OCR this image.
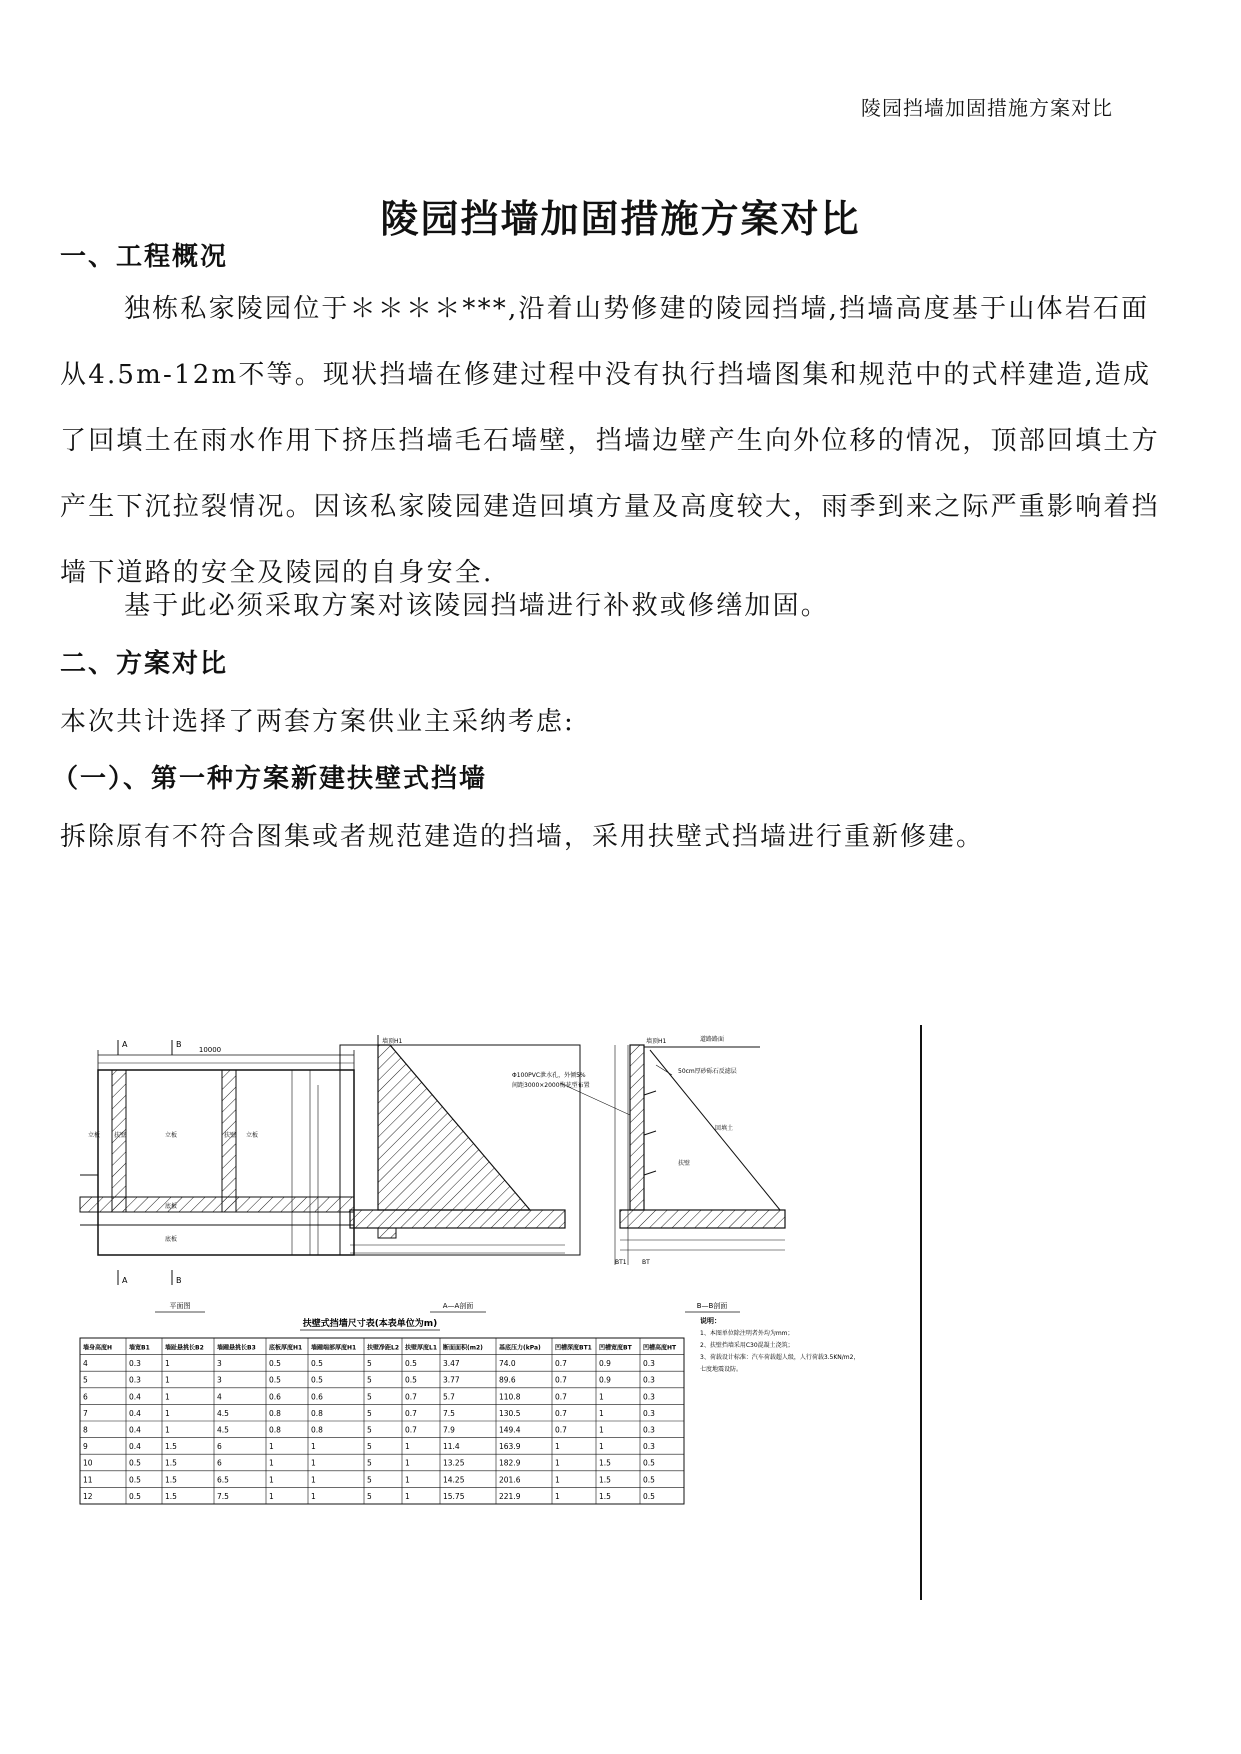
陵园挡墙加固措施方案对比
陵园挡墙加固措施方案对比
一、工程概况
独栋私家陵园位于＊＊＊＊***,沿着山势修建的陵园挡墙,挡墙高度基于山体岩石面从4.5m-12m不等。现状挡墙在修建过程中没有执行挡墙图集和规范中的式样建造,造成了回填土在雨水作用下挤压挡墙毛石墙壁，挡墙边壁产生向外位移的情况，顶部回填土方产生下沉拉裂情况。因该私家陵园建造回填方量及高度较大，雨季到来之际严重影响着挡墙下道路的安全及陵园的自身安全.
基于此必须采取方案对该陵园挡墙进行补救或修缮加固。
二、方案对比
本次共计选择了两套方案供业主采纳考虑:
（一）、第一种方案新建扶壁式挡墙
拆除原有不符合图集或者规范建造的挡墙，采用扶壁式挡墙进行重新修建。
A	B
A	B
10000
立板	立板
扶壁	扶壁 立板
底板
底板
平面图
墙顶H1
A—A剖面
墙顶H1	道路路面
Φ100PVC泄水孔，外倾5%
间距3000×2000梅花型布置
50cm厚砂砾石反滤层
回填土
扶壁
BT1	BT
B—B剖面
说明：
1、本图单位除注明者外均为mm；
2、扶壁挡墙采用C30混凝土浇筑；
3、荷载设计标准：汽车荷载超人级，人行荷载3.5KN/m2，
七度地震设防。
扶壁式挡墙尺寸表(本表单位为m)
墙身高度H	墙宽B1	墙趾悬挑长B2 墙踵悬挑长B3 底板厚度H1 墙踵端部厚度H1 扶壁净距L2 扶壁厚度L1 断面面积(m2)	基底压力(kPa) 凹槽深度BT1 凹槽宽度BT 凹槽高度HT
4	0.3	1	3	0.5	0.5	5	0.5	3.47	74.0	0.7	0.9	0.3
5	0.3	1	3	0.5	0.5	5	0.5	3.77	89.6	0.7	0.9	0.3
6	0.4	1	4	0.6	0.6	5	0.7	5.7	110.8	0.7	1	0.3
7	0.4	1	4.5	0.8	0.8	5	0.7	7.5	130.5	0.7	1	0.3
8	0.4	1	4.5	0.8	0.8	5	0.7	7.9	149.4	0.7	1	0.3
9	0.4	1.5	6	1	1	5	1	11.4	163.9	1	1	0.3
10	0.5	1.5	6	1	1	5	1	13.25	182.9	1	1.5	0.5
11	0.5	1.5	6.5	1	1	5	1	14.25	201.6	1	1.5	0.5
12	0.5	1.5	7.5	1	1	5	1	15.75	221.9	1	1.5	0.5
